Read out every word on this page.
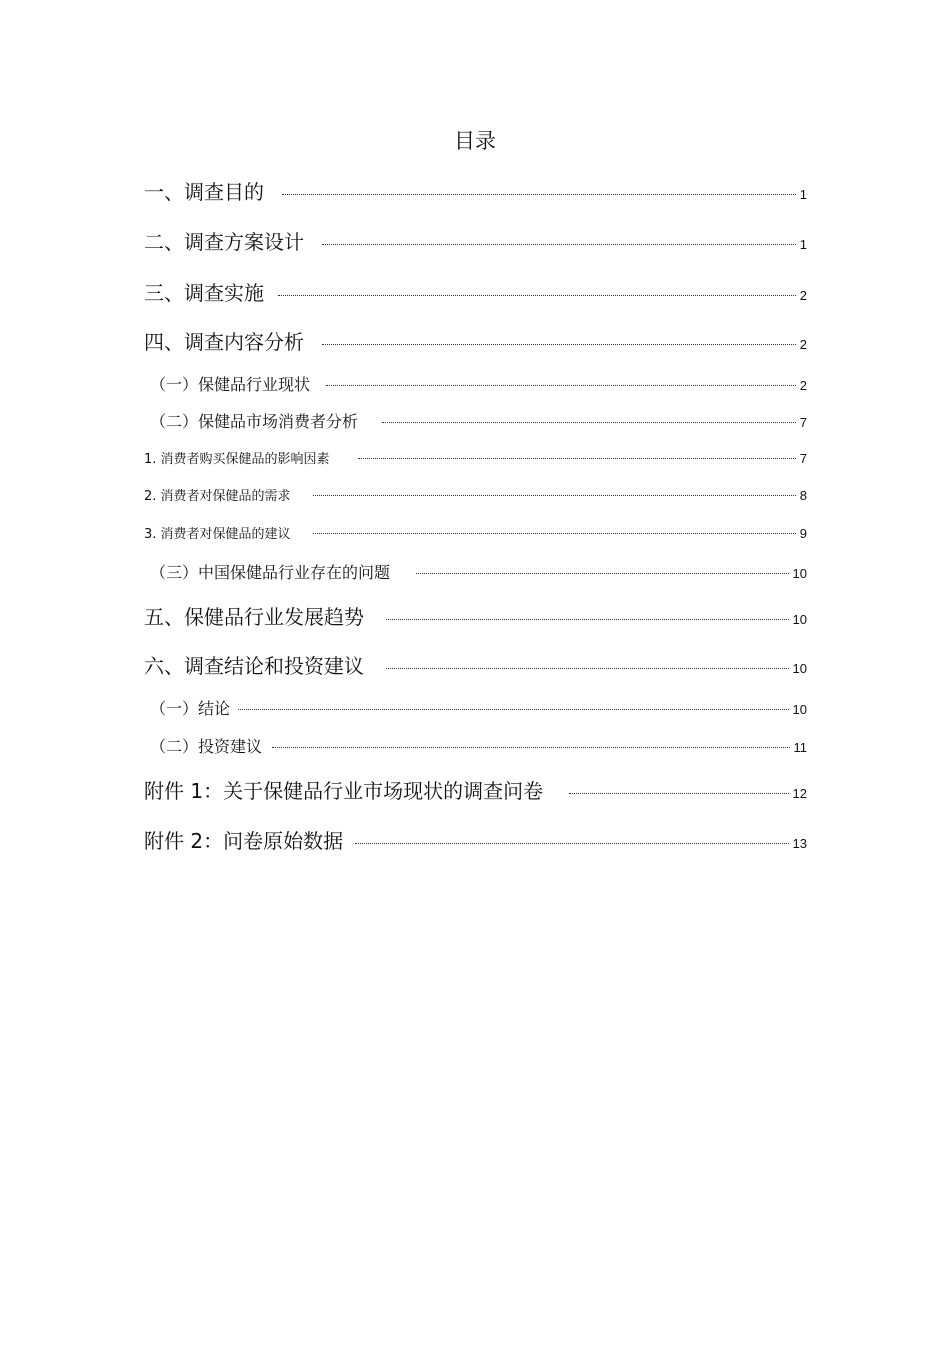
目录
一、调查目的	1
二、调查方案设计	1
三、调查实施	2
四、调查内容分析	2
（一）保健品行业现状	2
（二）保健品市场消费者分析	7
1. 消费者购买保健品的影响因素	7
2. 消费者对保健品的需求	8
3. 消费者对保健品的建议	9
（三）中国保健品行业存在的问题	10
五、保健品行业发展趋势	10
六、调查结论和投资建议	10
（一）结论	10
（二）投资建议	11
附件 1：关于保健品行业市场现状的调查问卷	12
附件 2：问卷原始数据	13
